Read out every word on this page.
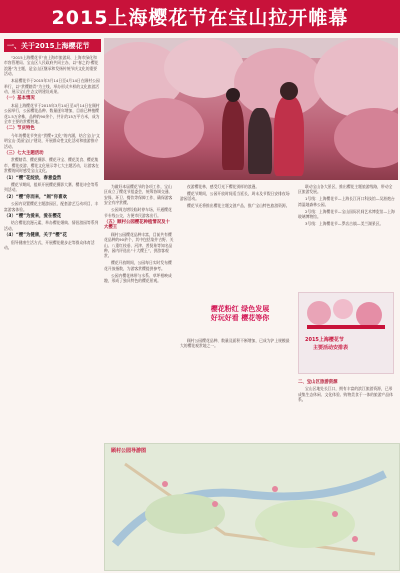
2015上海樱花节在宝山拉开帷幕
一、关于2015上海樱花节

“2015上海樱花节”由上海市旅游局、上海市绿化和市容管理局、宝山区人民政府共同主办，以“春之约·樱花浪漫”为主题，是宝山区继承和发扬传统节庆文化的重要活动。

本届樱花节于2015年3月14日至4月14日在顾村公园举行，以“赏樱踏青”为主线，举办形式多样的文化旅游活动，展示宝山生态文明建设成果。

（一）基本情况

本届上海樱花节于2015年3月14日至4月14日在顾村公园举行，公园樱花品种、数量逐年增加，目前已种植樱花1.5万余株，品种约90余个，共计约15万平方米，成为全市主要的赏樱胜地。

（二）节庆特色

今年的樱花节突出“赏樱+文化”的内涵，结合宝山“文明宝山·美丽宝山”建设，开展群众性文化活动和旅游推介活动。

（三）七大主题活动

赏樱踏青、樱花摄影、樱花寻宝、樱花美食、樱花集市、樱花夜游、樱花文化展示等七大主题活动，让游客在赏樱的同时感受宝山文化。

（1）“樱”花绽放，春意盎然

樱花节期间，组织开展樱花摄影大赛、樱花诗会等系列活动。

（2）“樱”你而来，“闹”你喜欢

公园内设置樱花主题游园区，配套游艺互动项目，丰富游客体验。

（3）“樱”为爱来，爱在樱花

结合樱花浪漫元素，举办樱花婚典、情侣游园等系列活动。

（4）“樱”为健康，关于“樱”花

倡导健康生活方式，开展樱花健步走等群众体育活动。

为做好本届樱花节的各项工作，宝山区成立了樱花节组委会，统筹协调交通、安保、环卫、餐饮等保障工作，确保游客安全有序赏樱。

公园周边增设临时停车场，开通樱花节专线公交，方便市民游客出行。

（五）顾村公园樱花种植情况及十大樱王

顾村公园樱花品种丰富，目前共有樱花品种约90余个，其中包括染井吉野、关山、八重红枝垂、河津、普贤象等知名品种。园内评选出“十大樱王”，供游客观赏。

樱花开放期间，公园每日实时发布樱花开放指数，为游客赏樱提供参考。

公园内樱花林带与水系、草坪相映成趣，形成了独具特色的樱花景观。

夜游樱花林，感受灯光下樱花别样的浪漫。

樱花节期间，公园开放时间适当延长，周末及节假日安排夜场游园活动。

樱花节还将推出樱花主题文创产品，推广宝山特色旅游资源。

樱花粉红 绿色发展
好玩好看 樱花等你

顾村公园樱花品种、数量及面积不断增加，已成为沪上规模最大的樱花观赏地之一。

联动宝山各大景区，推出樱花主题旅游线路，带动全区旅游发展。

1号线：上海樱花节—上海长江河口科技馆—吴淞炮台湾湿地森林公园。

2号线：上海樱花节—宝山国际民间艺术博览馆—上海玻璃博物馆。

3号线：上海樱花节—罗店古镇—美兰湖景区。

2015上海樱花节
主要活动安排表

二、宝山区旅游资源

宝山区地处长江口，拥有丰富的滨江旅游资源，已形成集生态休闲、文化体验、购物美食于一体的旅游产品体系。

顾村公园导游图
